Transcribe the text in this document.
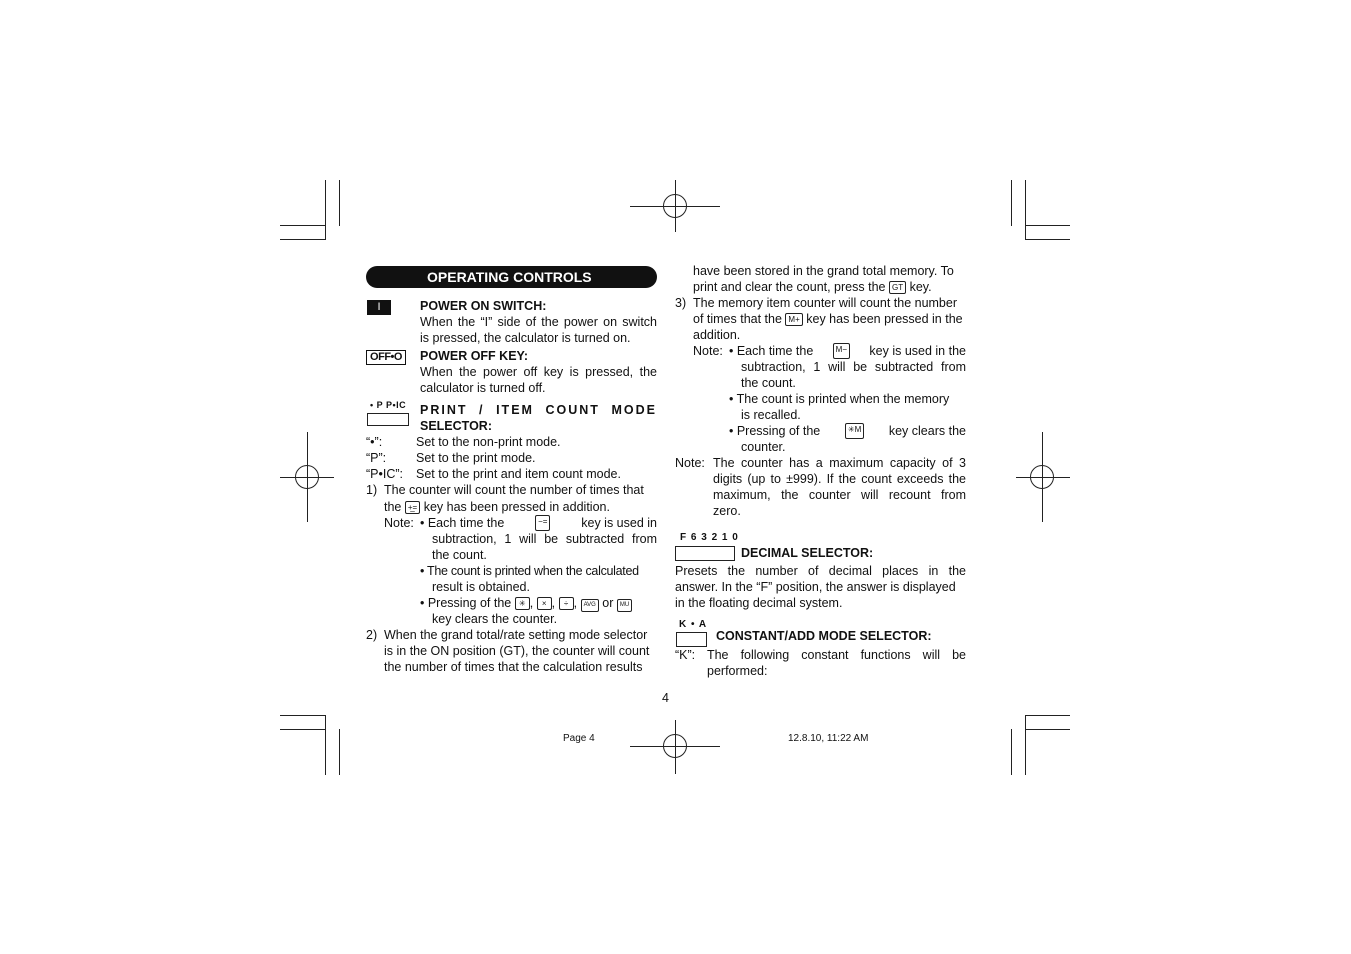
OPERATING CONTROLS
I	POWER ON SWITCH:
When the “I” side of the power on switch
is pressed, the calculator is turned on.
OFF•O	POWER OFF KEY:
When the power off key is pressed, the
calculator is turned off.
• P P•IC PRINT / ITEM COUNT MODE
SELECTOR:
“•”:	Set to the non-print mode.
“P”: Set to the print mode.
“P•IC”: Set to the print and item count mode.
1) The counter will count the number of times that
the +̲= key has been pressed in addition.
Note: • Each time the	−=	key is used in
subtraction, 1 will be subtracted from
the count.
• The count is printed when the calculated
result is obtained.
• Pressing of the ✳ , × , ÷ , AVG or MU
key clears the counter.
2) When the grand total/rate setting mode selector
is in the ON position (GT), the counter will count
the number of times that the calculation results
have been stored in the grand total memory. To
print and clear the count, press the GT key.
3) The memory item counter will count the number
of times that the M+ key has been pressed in the
addition.
Note: • Each time the	M− key is used in the
subtraction, 1 will be subtracted from
the count.
• The count is printed when the memory
is recalled.
• Pressing of the	✳M key clears the
counter.
Note: The counter has a maximum capacity of 3
digits (up to ±999). If the count exceeds the
maximum, the counter will recount from
zero.
F 6 3 2 1 0
DECIMAL SELECTOR:
Presets the number of decimal places in the
answer. In the “F” position, the answer is displayed
in the floating decimal system.
K • A
CONSTANT/ADD MODE SELECTOR:
“K”: The following constant functions will be
performed:
4
Page 4	12.8.10, 11:22 AM
